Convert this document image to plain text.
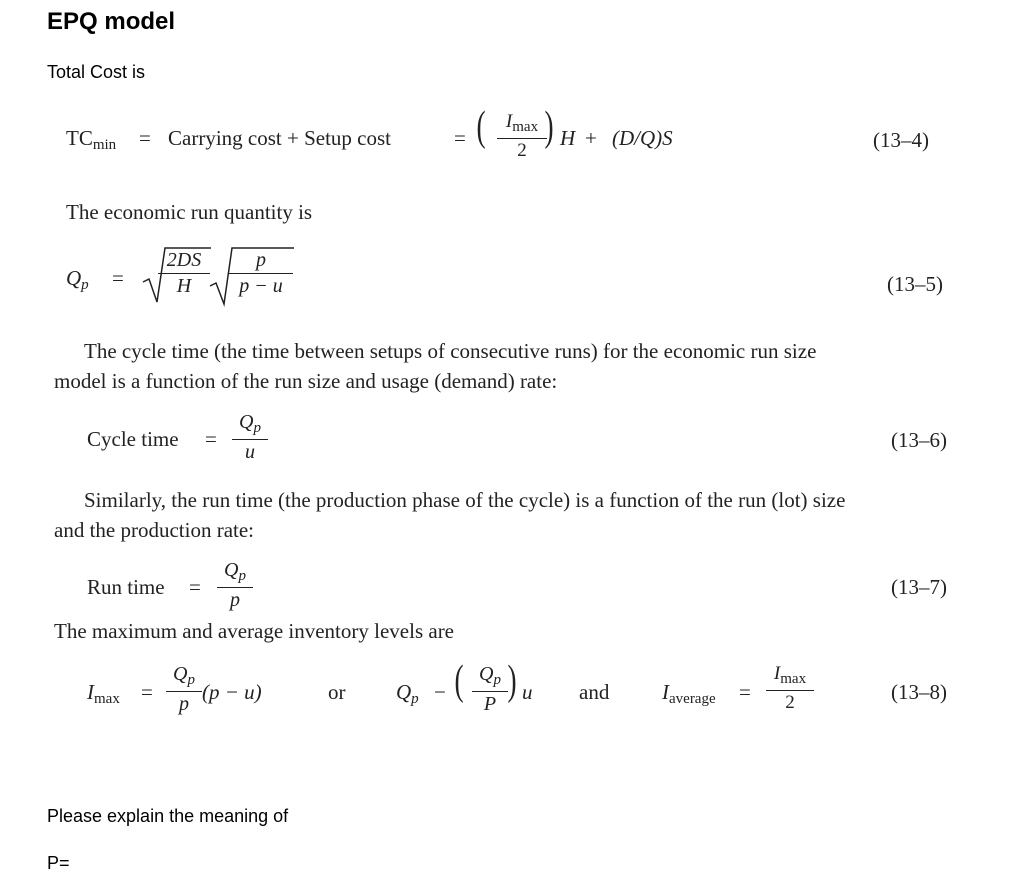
EPQ model
Total Cost is
$TC_{min}$ = Carrying cost + Setup cost	= (	$I_{max}$
2
) H + (D/Q)S	(13–4)
The economic run quantity is
Qp =
2DS
H
p
p − u	(13–5)
The cycle time (the time between setups of consecutive runs) for the economic run size
model is a function of the run size and usage (demand) rate:
Cycle time =
$Q_p$
u	(13–6)
Similarly, the run time (the production phase of the cycle) is a function of the run (lot) size
and the production rate:
Run time =
$Q_p$
p
(13–7)
The maximum and average inventory levels are
$I_{max}$ =
$Q_p$
p (p − u)	or Qp − ( $Q_p$
P ) u and	$I_{average}$ =
$I_{max}$
2	(13–8)
Please explain the meaning of
P=
